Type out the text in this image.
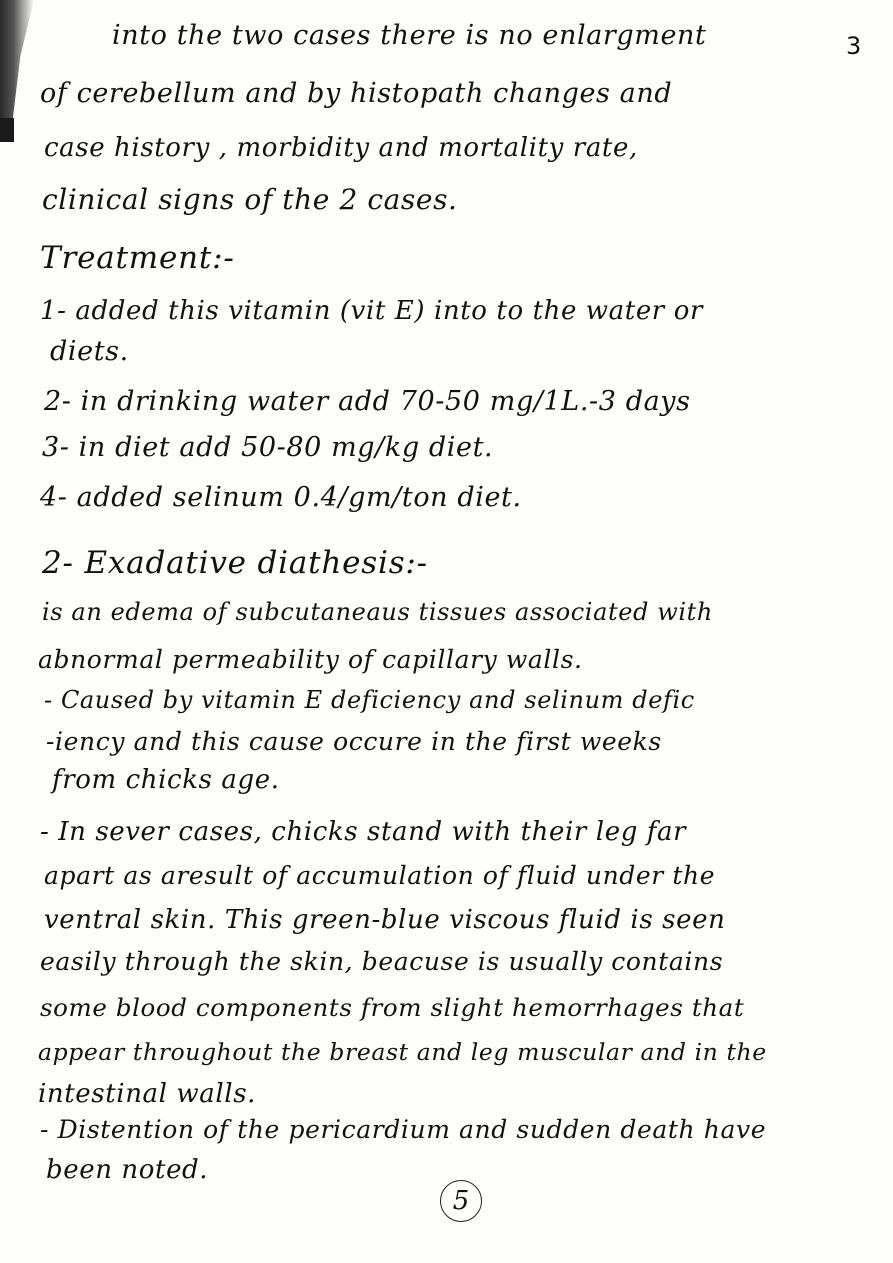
3
into the two cases there is no enlargment
of cerebellum and by histopath changes and
case history , morbidity and mortality rate,
clinical signs of the 2 cases.
Treatment:-
1- added this vitamin (vit E) into to the water or
diets.
2- in drinking water add 70-50 mg/1L.-3 days
3- in diet add 50-80 mg/kg diet.
4- added selinum 0.4/gm/ton diet.
2- Exadative diathesis:-
is an edema of subcutaneaus tissues associated with
abnormal permeability of capillary walls.
- Caused by vitamin E deficiency and selinum defic
-iency and this cause occure in the first weeks
from chicks age.
- In sever cases, chicks stand with their leg far
apart as aresult of accumulation of fluid under the
ventral skin. This green-blue viscous fluid is seen
easily through the skin, beacuse is usually contains
some blood components from slight hemorrhages that
appear throughout the breast and leg muscular and in the
intestinal walls.
- Distention of the pericardium and sudden death have
been noted.
5
